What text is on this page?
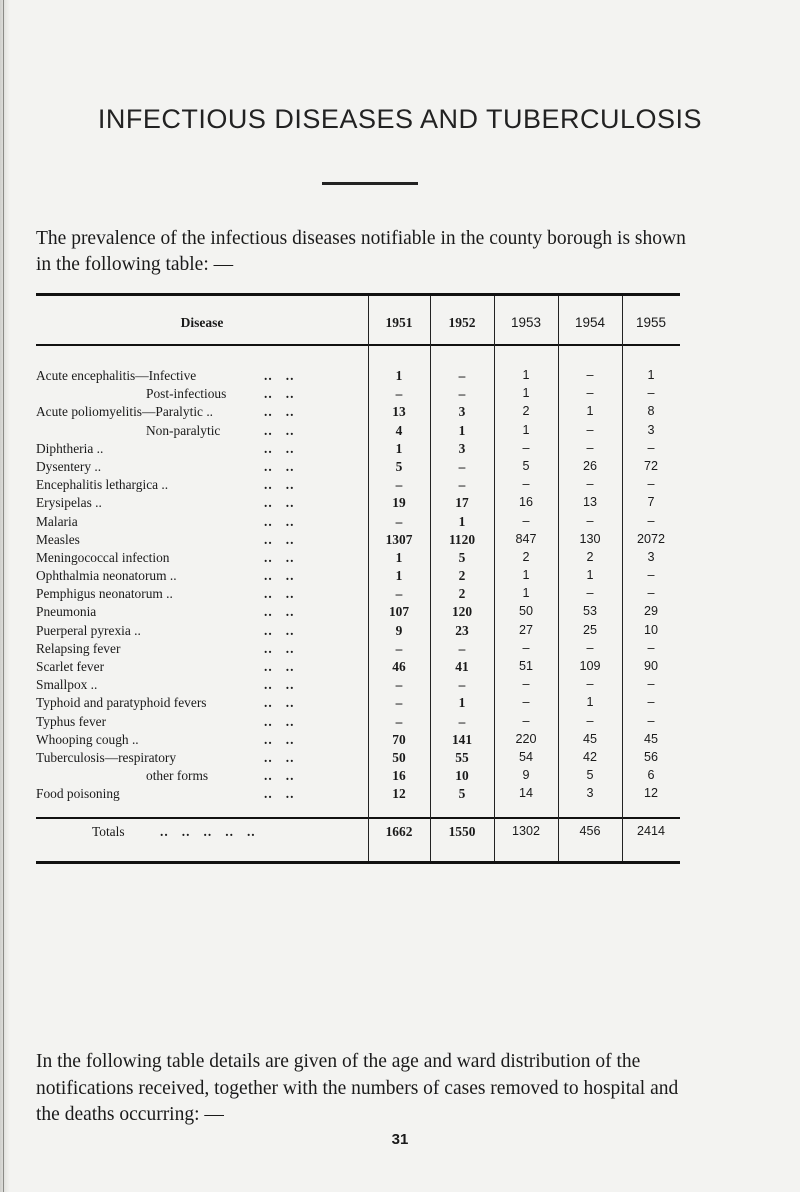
INFECTIOUS DISEASES AND TUBERCULOSIS

The prevalence of the infectious diseases notifiable in the county borough is shown in the following table: —

Disease	1951	1952	1953	1954	1955
Acute encephalitis—Infective	..   ..	1	–	1	–	1
Post-infectious	..   ..	–	–	1	–	–
Acute poliomyelitis—Paralytic ..	..   ..	13	3	2	1	8
Non-paralytic	..   ..	4	1	1	–	3
Diphtheria ..	..   ..	1	3	–	–	–
Dysentery ..	..   ..	5	–	5	26	72
Encephalitis lethargica ..	..   ..	–	–	–	–	–
Erysipelas ..	..   ..	19	17	16	13	7
Malaria	..   ..	–	1	–	–	–
Measles	..   ..	1307	1120	847	130	2072
Meningococcal infection	..   ..	1	5	2	2	3
Ophthalmia neonatorum ..	..   ..	1	2	1	1	–
Pemphigus neonatorum ..	..   ..	–	2	1	–	–
Pneumonia	..   ..	107	120	50	53	29
Puerperal pyrexia ..	..   ..	9	23	27	25	10
Relapsing fever	..   ..	–	–	–	–	–
Scarlet fever	..   ..	46	41	51	109	90
Smallpox ..	..   ..	–	–	–	–	–
Typhoid and paratyphoid fevers	..   ..	–	1	–	1	–
Typhus fever	..   ..	–	–	–	–	–
Whooping cough ..	..   ..	70	141	220	45	45
Tuberculosis—respiratory	..   ..	50	55	54	42	56
other forms	..   ..	16	10	9	5	6
Food poisoning	..   ..	12	5	14	3	12
Totals	..   ..   ..   ..   ..	1662	1550	1302	456	2414

In the following table details are given of the age and ward distribution of the notifications received, together with the numbers of cases removed to hospital and the deaths occurring: —

31
